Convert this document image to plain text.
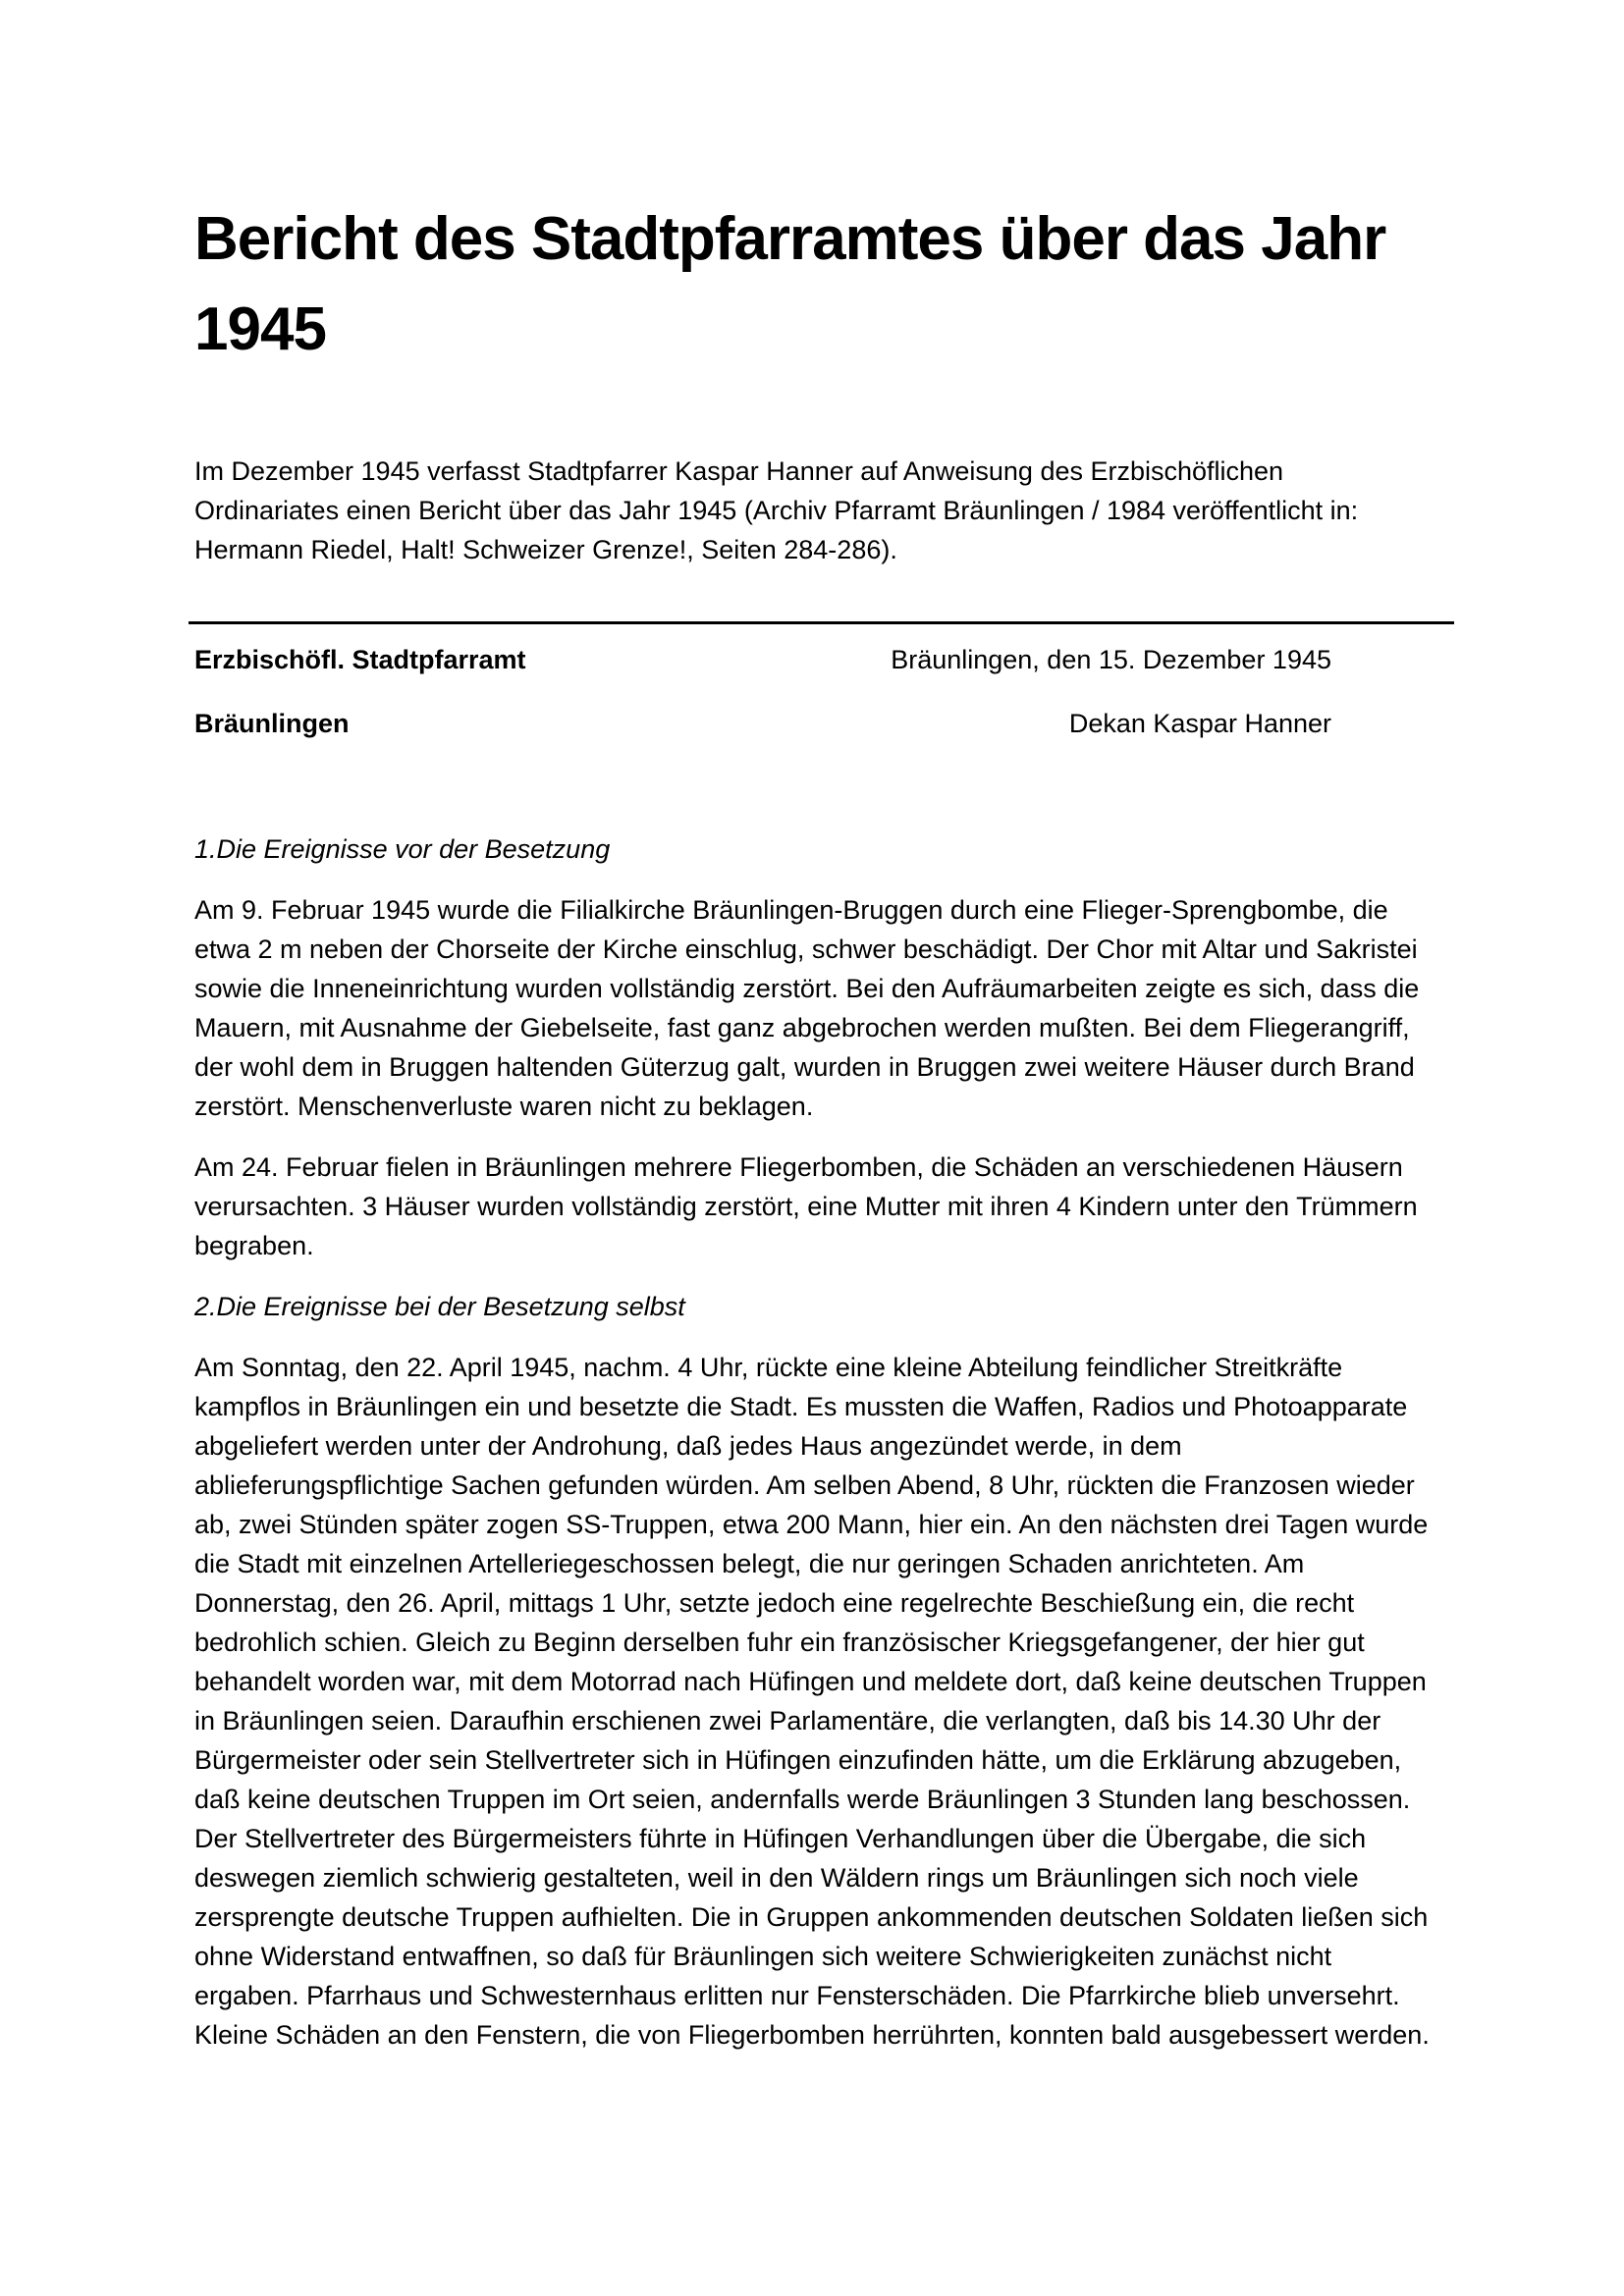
Bericht des Stadtpfarramtes über das Jahr
1945

Im Dezember 1945 verfasst Stadtpfarrer Kaspar Hanner auf Anweisung des Erzbischöflichen Ordinariates einen Bericht über das Jahr 1945 (Archiv Pfarramt Bräunlingen / 1984 veröffentlicht in: Hermann Riedel, Halt! Schweizer Grenze!, Seiten 284-286).

Erzbischöfl. Stadtpfarramt	Bräunlingen, den 15. Dezember 1945
Bräunlingen	Dekan Kaspar Hanner

1.Die Ereignisse vor der Besetzung

Am 9. Februar 1945 wurde die Filialkirche Bräunlingen-Bruggen durch eine Flieger-Sprengbombe, die etwa 2 m neben der Chorseite der Kirche einschlug, schwer beschädigt. Der Chor mit Altar und Sakristei sowie die Inneneinrichtung wurden vollständig zerstört. Bei den Aufräumarbeiten zeigte es sich, dass die Mauern, mit Ausnahme der Giebelseite, fast ganz abgebrochen werden mußten. Bei dem Fliegerangriff, der wohl dem in Bruggen haltenden Güterzug galt, wurden in Bruggen zwei weitere Häuser durch Brand zerstört. Menschenverluste waren nicht zu beklagen.

Am 24. Februar fielen in Bräunlingen mehrere Fliegerbomben, die Schäden an verschiedenen Häusern verursachten. 3 Häuser wurden vollständig zerstört, eine Mutter mit ihren 4 Kindern unter den Trümmern begraben.

2.Die Ereignisse bei der Besetzung selbst

Am Sonntag, den 22. April 1945, nachm. 4 Uhr, rückte eine kleine Abteilung feindlicher Streitkräfte kampflos in Bräunlingen ein und besetzte die Stadt. Es mussten die Waffen, Radios und Photoapparate abgeliefert werden unter der Androhung, daß jedes Haus angezündet werde, in dem ablieferungspflichtige Sachen gefunden würden. Am selben Abend, 8 Uhr, rückten die Franzosen wieder ab, zwei Stünden später zogen SS-Truppen, etwa 200 Mann, hier ein. An den nächsten drei Tagen wurde die Stadt mit einzelnen Artelleriegeschossen belegt, die nur geringen Schaden anrichteten. Am Donnerstag, den 26. April, mittags 1 Uhr, setzte jedoch eine regelrechte Beschießung ein, die recht bedrohlich schien. Gleich zu Beginn derselben fuhr ein französischer Kriegsgefangener, der hier gut behandelt worden war, mit dem Motorrad nach Hüfingen und meldete dort, daß keine deutschen Truppen in Bräunlingen seien. Daraufhin erschienen zwei Parlamentäre, die verlangten, daß bis 14.30 Uhr der Bürgermeister oder sein Stellvertreter sich in Hüfingen einzufinden hätte, um die Erklärung abzugeben, daß keine deutschen Truppen im Ort seien, andernfalls werde Bräunlingen 3 Stunden lang beschossen. Der Stellvertreter des Bürgermeisters führte in Hüfingen Verhandlungen über die Übergabe, die sich deswegen ziemlich schwierig gestalteten, weil in den Wäldern rings um Bräunlingen sich noch viele zersprengte deutsche Truppen aufhielten. Die in Gruppen ankommenden deutschen Soldaten ließen sich ohne Widerstand entwaffnen, so daß für Bräunlingen sich weitere Schwierigkeiten zunächst nicht ergaben. Pfarrhaus und Schwesternhaus erlitten nur Fensterschäden. Die Pfarrkirche blieb unversehrt. Kleine Schäden an den Fenstern, die von Fliegerbomben herrührten, konnten bald ausgebessert werden.
